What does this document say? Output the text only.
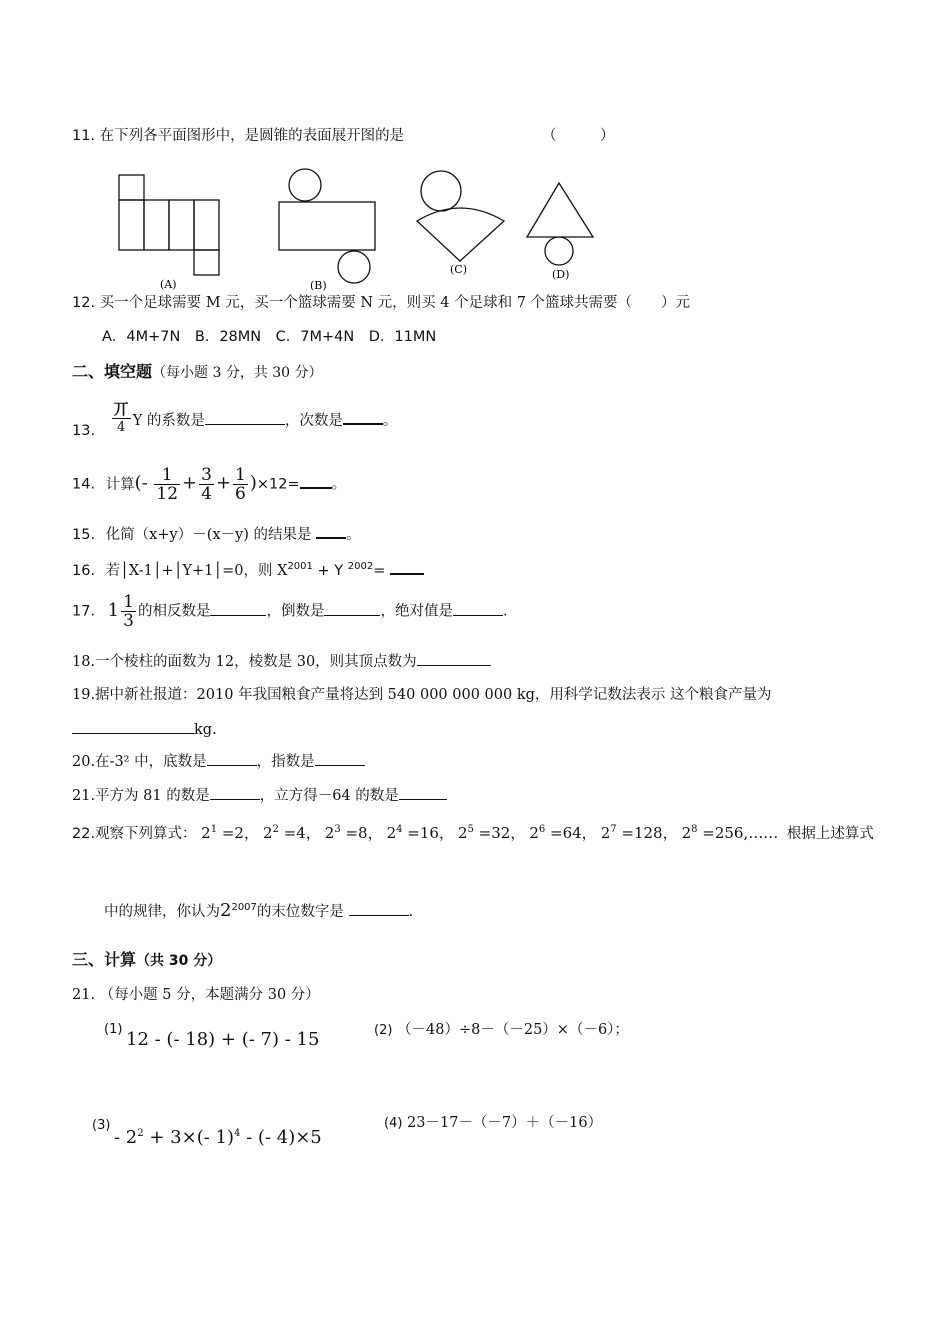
11. 在下列各平面图形中，是圆锥的表面展开图的是	（　　　）
(A)	(B)
(C)	(D)
12. 买一个足球需要 M 元，买一个篮球需要 N 元，则买 4 个足球和 7 个篮球共需要（　　）元
A．4M+7N　B．28MN　C．7M+4N　D．11MN
二、填空题（每小题 3 分，共 30 分）
13. $\frac{\text{丌}}{4}$ Y 的系数是	，次数是	。
14. 计算(- $\frac{1}{12} + \frac{3}{4} + \frac{1}{6} )\times 12=$ 。
15. 化简（x+y）－(x－y) 的结果是 。
16. 若│X-1│+│Y+1│=0，则 $X^{2001} + Y$ $^{2002}$=
17. $1 \frac{1}{3}$ 的相反数是	，倒数是	，绝对值是	.
18.一个棱柱的面数为 12，棱数是 30，则其顶点数为
19.据中新社报道：2010 年我国粮食产量将达到 540 000 000 000 kg，用科学记数法表示 这个粮食产量为
kg.
20.在-3² 中，底数是	，指数是
21.平方为 81 的数是	，立方得－64 的数是
22.观察下列算式： $2^1 =2$， $2^2 =4$， $2^3 =8$， $2^4 =16$， $2^5 =32$， $2^6 =64$， $2^7 =128$， $2^8$ =256,…… 根据上述算式
中的规律，你认为$2^{2007}$的末位数字是	.
三、计算（共 30 分）
21. （每小题 5 分，本题满分 30 分）
(1) 12 - (- 18) + (- 7) - 15	(2) （－48）÷8－（－25）×（－6）；
(3)
- $2^2 + 3\times(-$ 1)$^4$ - (- 4)×5
(4) 23－17－（－7）＋（－16）
